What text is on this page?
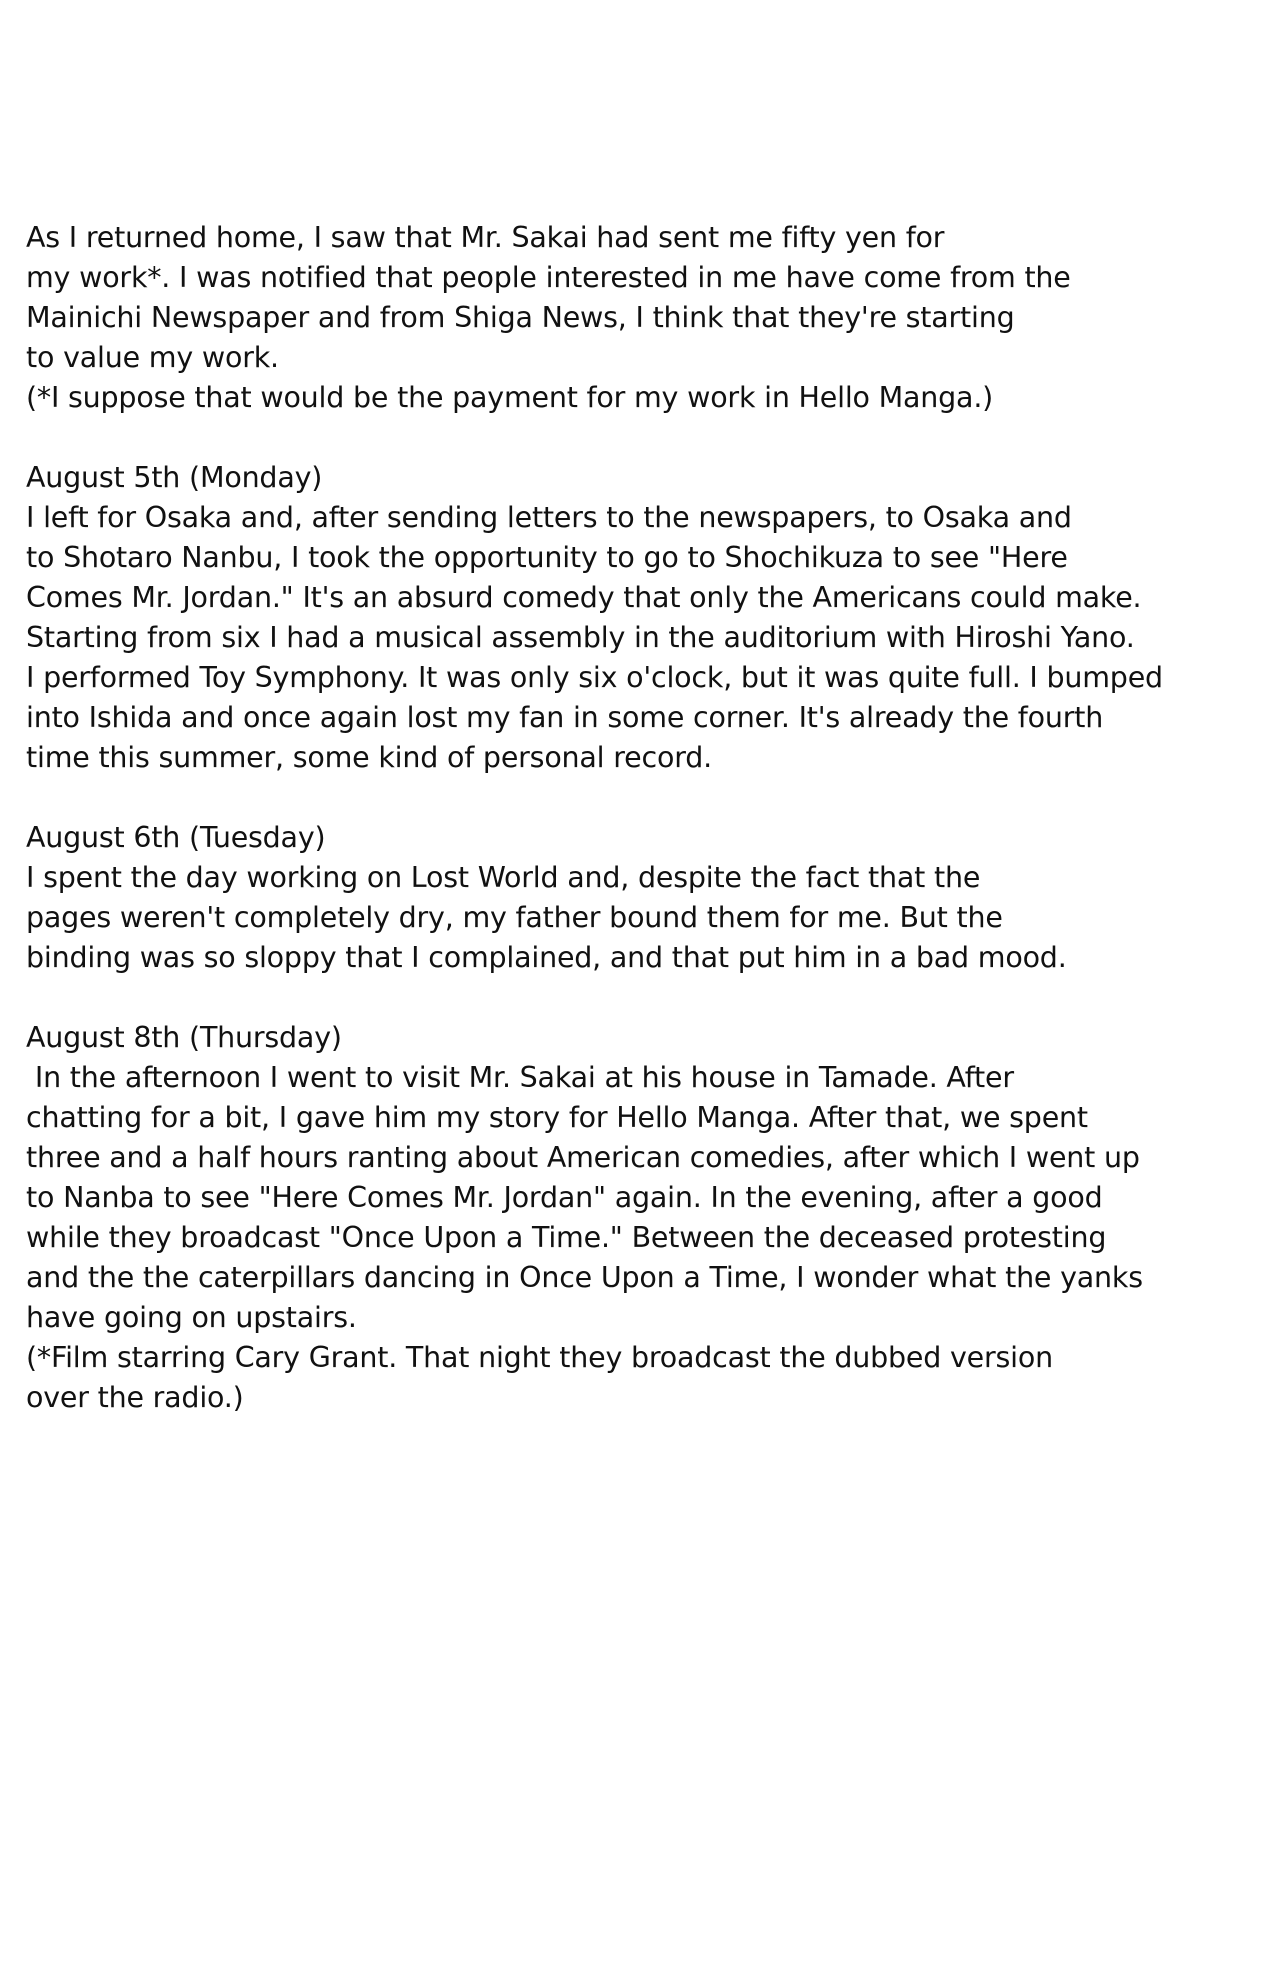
As I returned home, I saw that Mr. Sakai had sent me fifty yen for
my work*. I was notified that people interested in me have come from the
Mainichi Newspaper and from Shiga News, I think that they're starting
to value my work.
(*I suppose that would be the payment for my work in Hello Manga.)
August 5th (Monday)
I left for Osaka and, after sending letters to the newspapers, to Osaka and
to Shotaro Nanbu, I took the opportunity to go to Shochikuza to see "Here
Comes Mr. Jordan." It's an absurd comedy that only the Americans could make.
Starting from six I had a musical assembly in the auditorium with Hiroshi Yano.
I performed Toy Symphony. It was only six o'clock, but it was quite full. I bumped
into Ishida and once again lost my fan in some corner. It's already the fourth
time this summer, some kind of personal record.
August 6th (Tuesday)
I spent the day working on Lost World and, despite the fact that the
pages weren't completely dry, my father bound them for me. But the
binding was so sloppy that I complained, and that put him in a bad mood.
August 8th (Thursday)
In the afternoon I went to visit Mr. Sakai at his house in Tamade. After
chatting for a bit, I gave him my story for Hello Manga. After that, we spent
three and a half hours ranting about American comedies, after which I went up
to Nanba to see "Here Comes Mr. Jordan" again. In the evening, after a good
while they broadcast "Once Upon a Time." Between the deceased protesting
and the the caterpillars dancing in Once Upon a Time, I wonder what the yanks
have going on upstairs.
(*Film starring Cary Grant. That night they broadcast the dubbed version
over the radio.)
